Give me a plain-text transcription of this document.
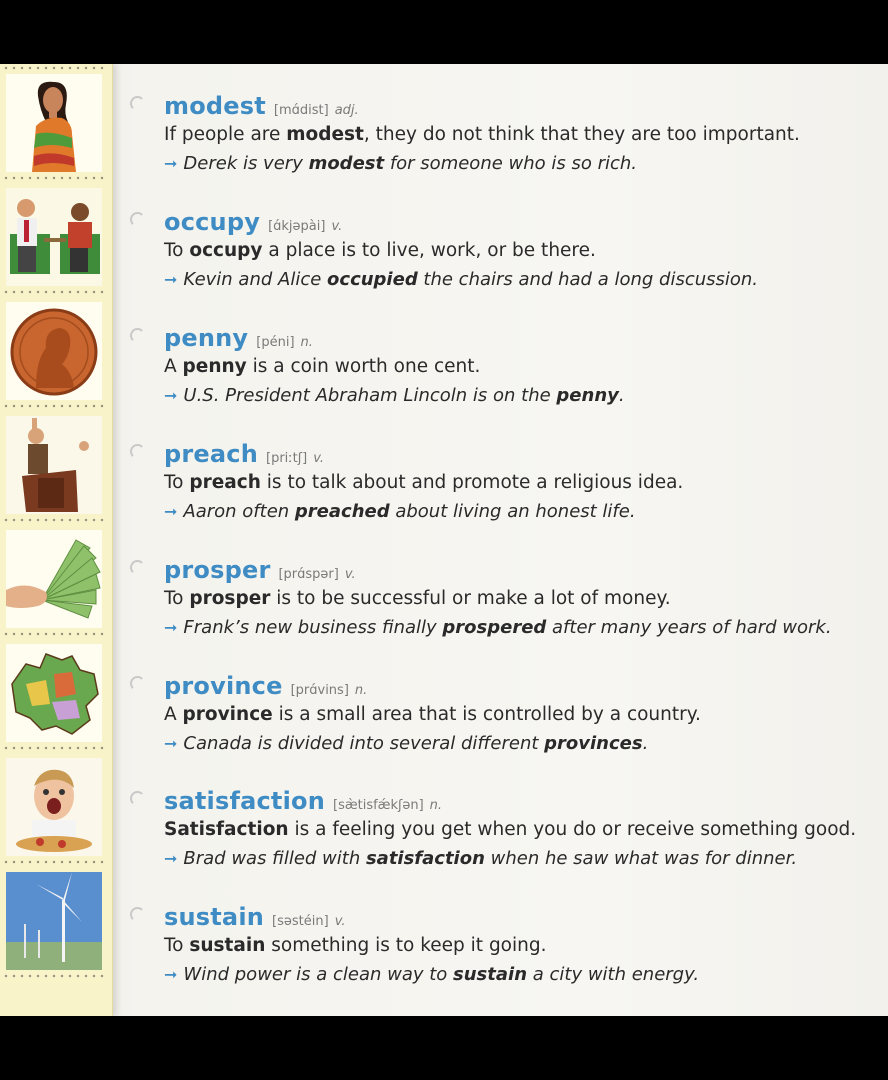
modest [mɑ́dist] adj.
If people are modest, they do not think that they are too important.
➞ Derek is very modest for someone who is so rich.
occupy [ɑ́kjəpài] v.
To occupy a place is to live, work, or be there.
➞ Kevin and Alice occupied the chairs and had a long discussion.
penny [péni] n.
A penny is a coin worth one cent.
➞ U.S. President Abraham Lincoln is on the penny.
preach [priːtʃ] v.
To preach is to talk about and promote a religious idea.
➞ Aaron often preached about living an honest life.
prosper [prɑ́spər] v.
To prosper is to be successful or make a lot of money.
➞ Frank’s new business finally prospered after many years of hard work.
province [prɑ́vins] n.
A province is a small area that is controlled by a country.
➞ Canada is divided into several different provinces.
satisfaction [sæ̀tisfǽkʃən] n.
Satisfaction is a feeling you get when you do or receive something good.
➞ Brad was filled with satisfaction when he saw what was for dinner.
sustain [səstéin] v.
To sustain something is to keep it going.
➞ Wind power is a clean way to sustain a city with energy.
